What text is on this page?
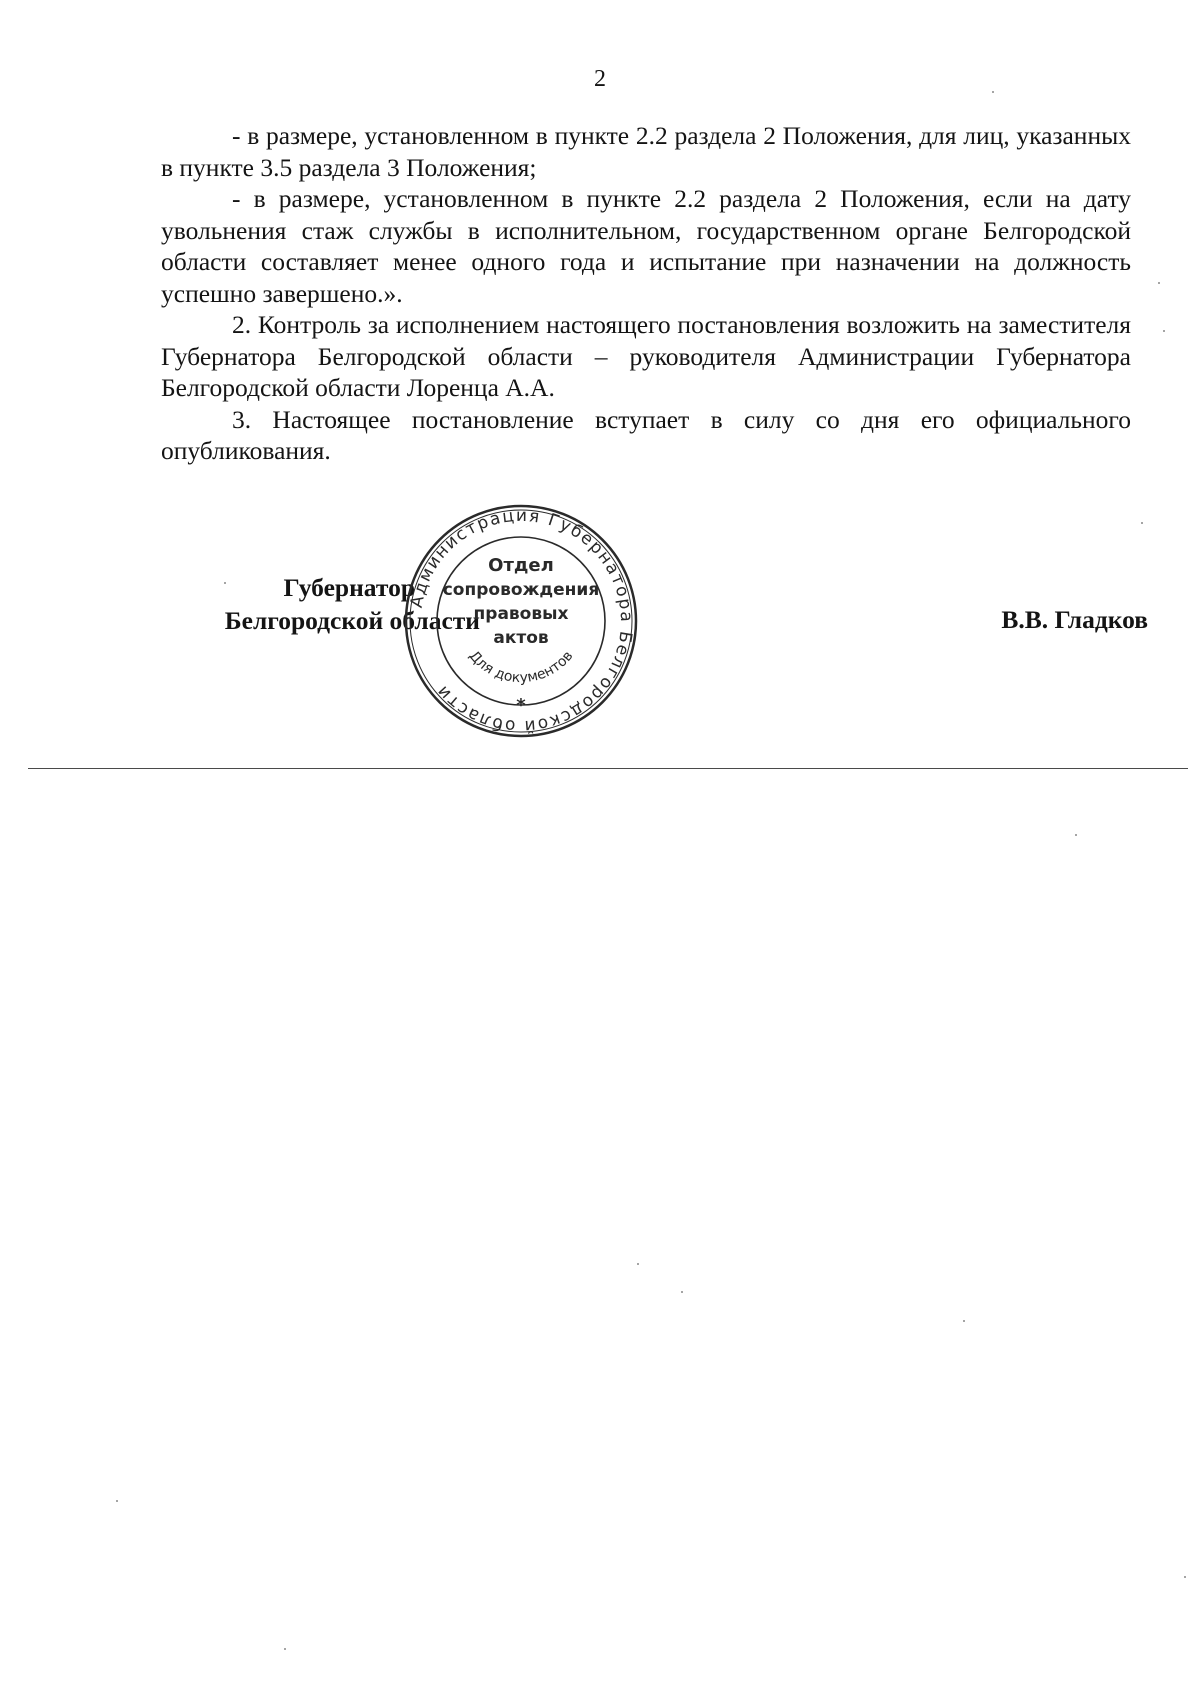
2

- в размере, установленном в пункте 2.2 раздела 2 Положения, для лиц, указанных в пункте 3.5 раздела 3 Положения;

- в размере, установленном в пункте 2.2 раздела 2 Положения, если на дату увольнения стаж службы в исполнительном, государственном органе Белгородской области составляет менее одного года и испытание при назначении на должность успешно завершено.».

2. Контроль за исполнением настоящего постановления возложить на заместителя Губернатора Белгородской области – руководителя Администрации Губернатора Белгородской области Лоренца А.А.

3. Настоящее постановление вступает в силу со дня его официального опубликования.

Губернатор
Белгородской области	В.В. Гладков
Администрация Губернатора Белгородской области
Для документов
Отдел
сопровождения
правовых
актов
*
